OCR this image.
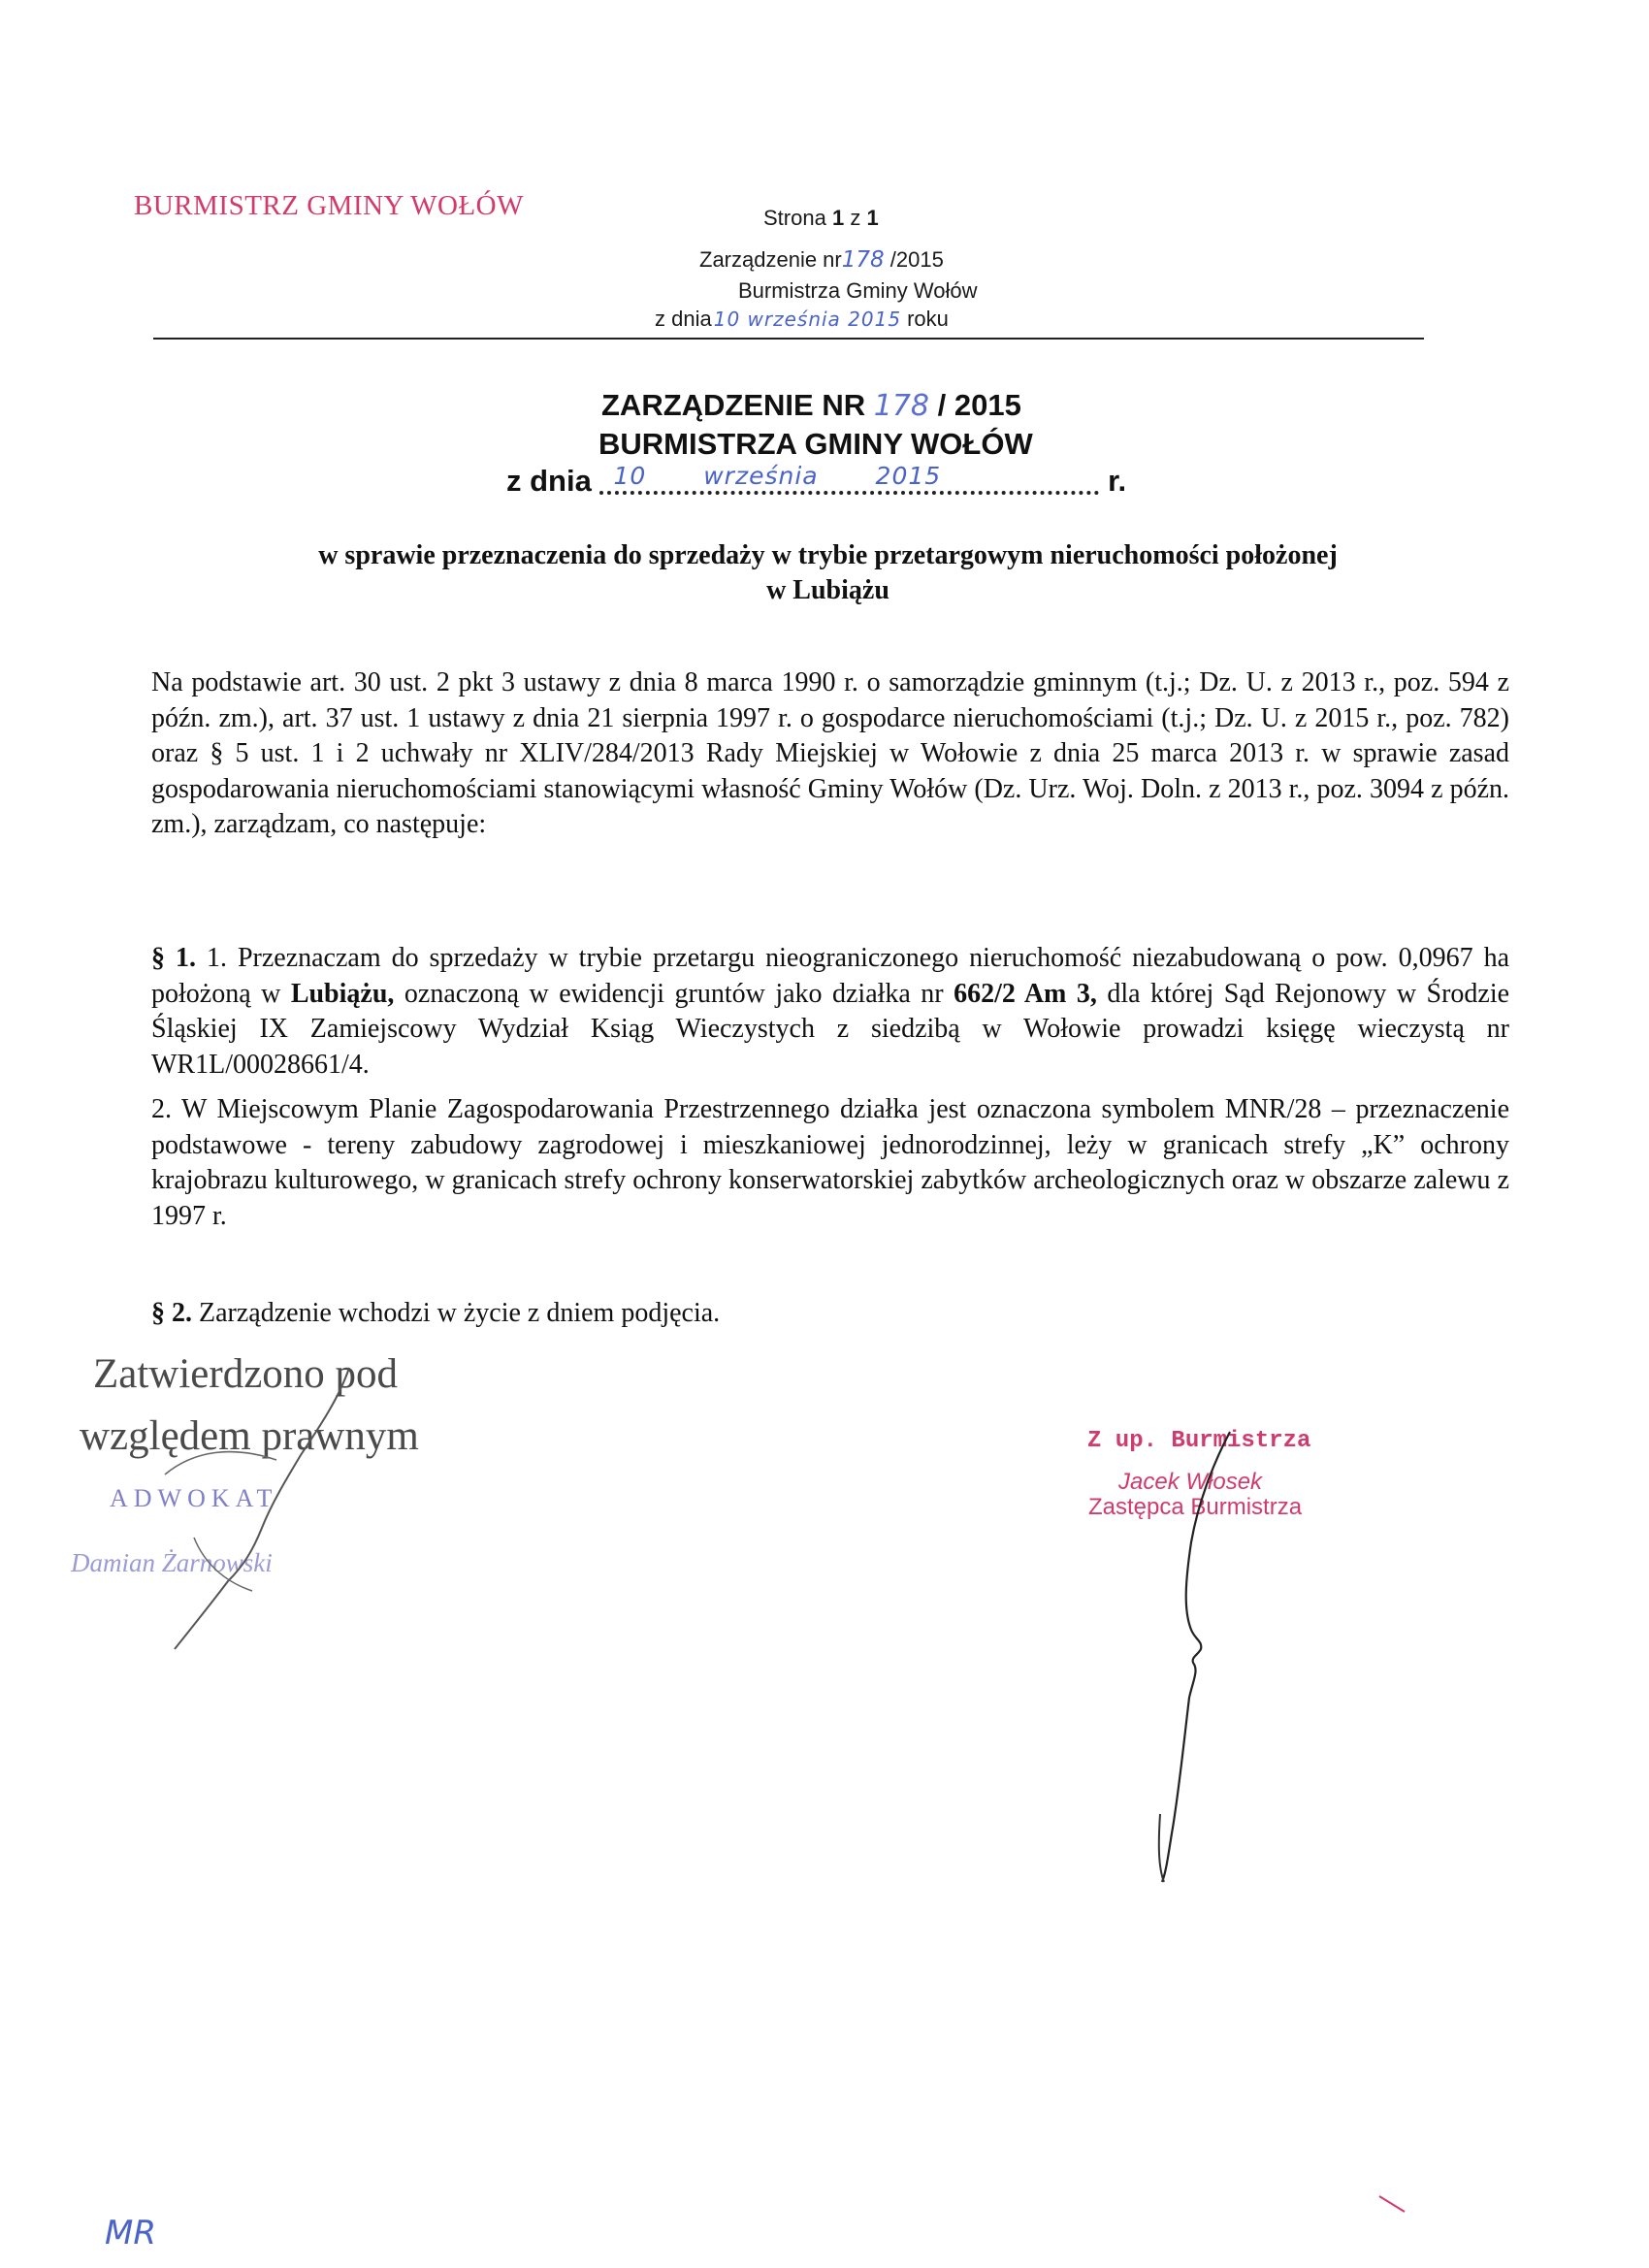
BURMISTRZ GMINY WOŁÓW	Strona 1 z 1
Zarządzenie nr178 /2015
Burmistrza Gminy Wołów
z dnia 10 września 2015 roku
ZARZĄDZENIE NR 178 / 2015
BURMISTRZA GMINY WOŁÓW
z dnia 10 września 2015	r.
w sprawie przeznaczenia do sprzedaży w trybie przetargowym nieruchomości położonej
w Lubiążu
Na podstawie art. 30 ust. 2 pkt 3 ustawy z dnia 8 marca 1990 r. o samorządzie gminnym (t.j.; Dz. U. z 2013 r., poz. 594 z późn. zm.), art. 37 ust. 1 ustawy z dnia 21 sierpnia 1997 r. o gospodarce nieruchomościami (t.j.; Dz. U. z 2015 r., poz. 782) oraz § 5 ust. 1 i 2 uchwały nr XLIV/284/2013 Rady Miejskiej w Wołowie z dnia 25 marca 2013 r. w sprawie zasad gospodarowania nieruchomościami stanowiącymi własność Gminy Wołów (Dz. Urz. Woj. Doln. z 2013 r., poz. 3094 z późn. zm.), zarządzam, co następuje:
§ 1. 1. Przeznaczam do sprzedaży w trybie przetargu nieograniczonego nieruchomość niezabudowaną o pow. 0,0967 ha położoną w Lubiążu, oznaczoną w ewidencji gruntów jako działka nr 662/2 Am 3, dla której Sąd Rejonowy w Środzie Śląskiej IX Zamiejscowy Wydział Ksiąg Wieczystych z siedzibą w Wołowie prowadzi księgę wieczystą nr WR1L/00028661/4.
2. W Miejscowym Planie Zagospodarowania Przestrzennego działka jest oznaczona symbolem MNR/28 – przeznaczenie podstawowe - tereny zabudowy zagrodowej i mieszkaniowej jednorodzinnej, leży w granicach strefy „K” ochrony krajobrazu kulturowego, w granicach strefy ochrony konserwatorskiej zabytków archeologicznych oraz w obszarze zalewu z 1997 r.
§ 2. Zarządzenie wchodzi w życie z dniem podjęcia.
Zatwierdzono pod
względem prawnym
ADWOKAT
Damian Żarnowski
Z up. Burmistrza
Jacek Włosek
Zastępca Burmistrza
MR
